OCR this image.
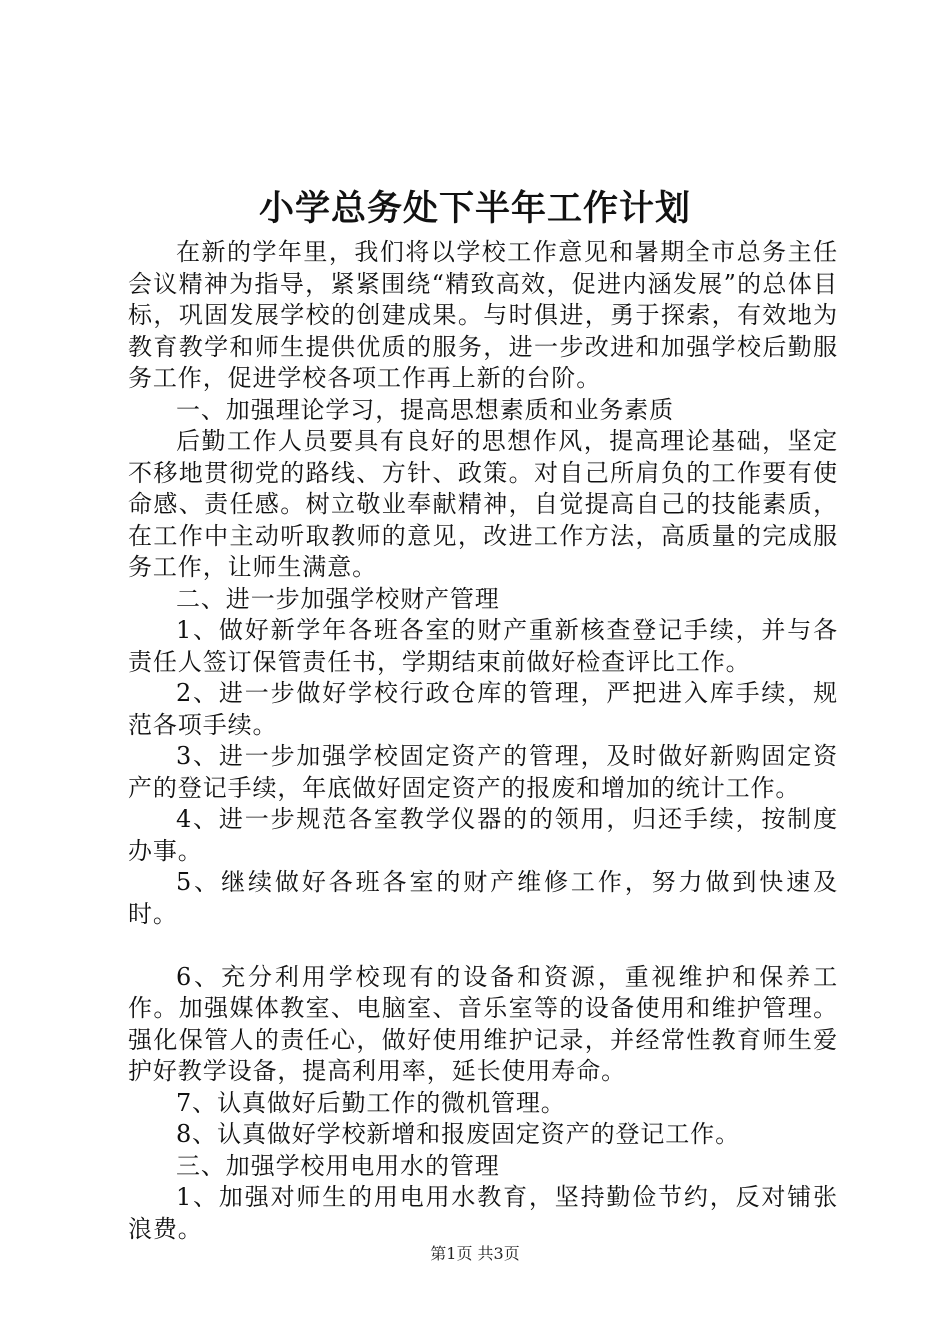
小学总务处下半年工作计划

在新的学年里，我们将以学校工作意见和暑期全市总务主任会议精神为指导，紧紧围绕“精致高效，促进内涵发展”的总体目标，巩固发展学校的创建成果。与时俱进，勇于探索，有效地为教育教学和师生提供优质的服务，进一步改进和加强学校后勤服务工作，促进学校各项工作再上新的台阶。

一、加强理论学习，提高思想素质和业务素质

后勤工作人员要具有良好的思想作风，提高理论基础，坚定不移地贯彻党的路线、方针、政策。对自己所肩负的工作要有使命感、责任感。树立敬业奉献精神，自觉提高自己的技能素质，在工作中主动听取教师的意见，改进工作方法，高质量的完成服务工作，让师生满意。

二、进一步加强学校财产管理

1、做好新学年各班各室的财产重新核查登记手续，并与各责任人签订保管责任书，学期结束前做好检查评比工作。

2、进一步做好学校行政仓库的管理，严把进入库手续，规范各项手续。

3、进一步加强学校固定资产的管理，及时做好新购固定资产的登记手续，年底做好固定资产的报废和增加的统计工作。

4、进一步规范各室教学仪器的的领用，归还手续，按制度办事。

5、继续做好各班各室的财产维修工作，努力做到快速及时。

6、充分利用学校现有的设备和资源，重视维护和保养工作。加强媒体教室、电脑室、音乐室等的设备使用和维护管理。强化保管人的责任心，做好使用维护记录，并经常性教育师生爱护好教学设备，提高利用率，延长使用寿命。

7、认真做好后勤工作的微机管理。

8、认真做好学校新增和报废固定资产的登记工作。

三、加强学校用电用水的管理

1、加强对师生的用电用水教育，坚持勤俭节约，反对铺张浪费。

第1页 共3页
